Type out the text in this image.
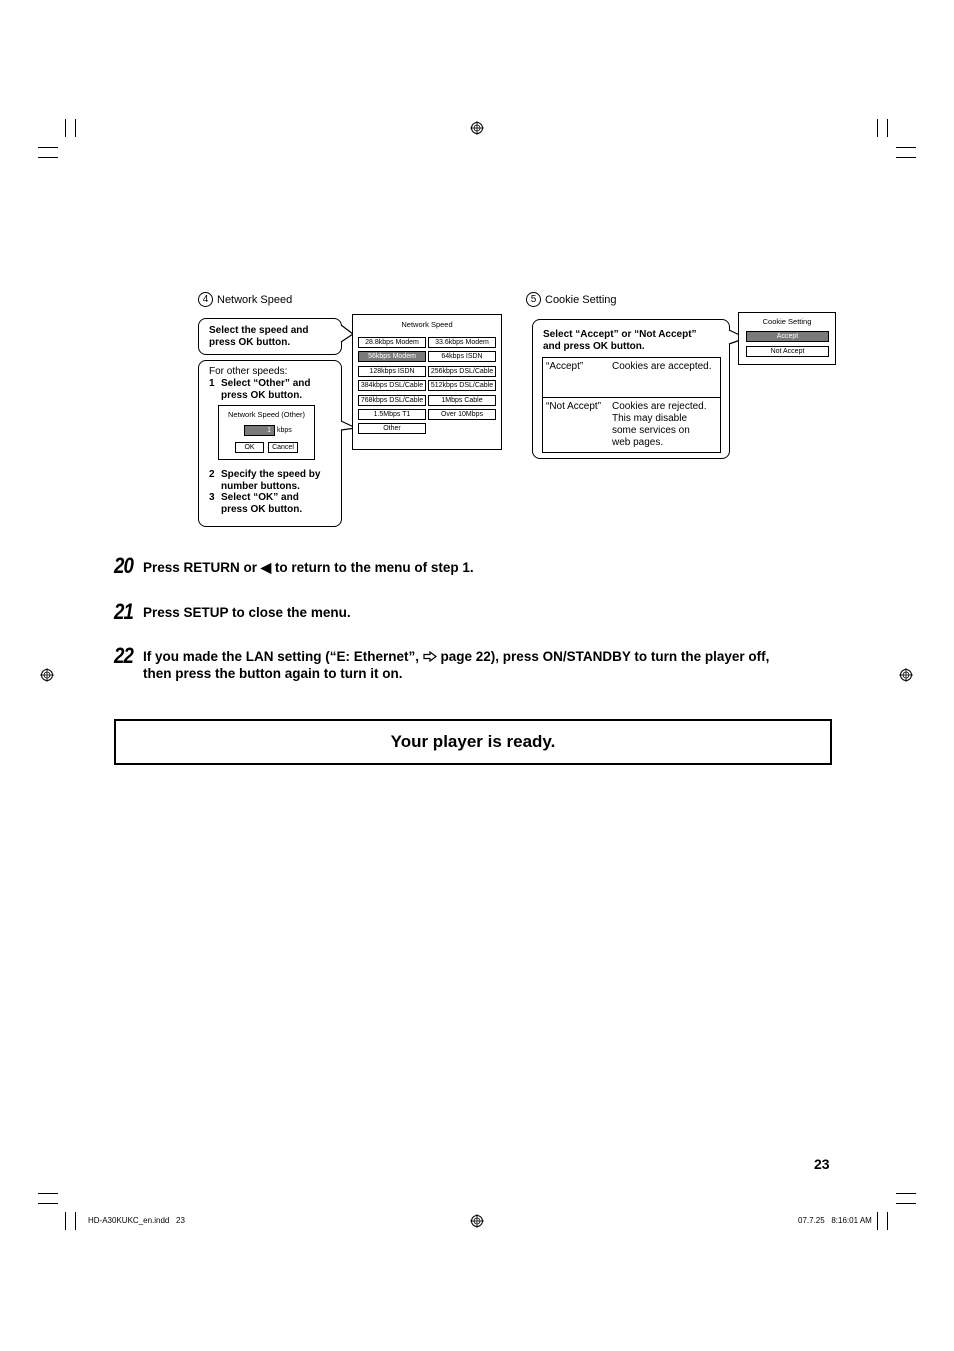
4 Network Speed
Select the speed and
press OK button.
For other speeds:
1 Select “Other” and
press OK button.
Network Speed (Other)
1 kbps
OK	Cancel
2 Specify the speed by
number buttons.
3 Select “OK” and
press OK button.
Network Speed
28.8kbps Modem	33.6kbps Modem
56kbps Modem	64kbps ISDN
128kbps ISDN	256kbps DSL/Cable
384kbps DSL/Cable	512kbps DSL/Cable
768kbps DSL/Cable	1Mbps Cable
1.5Mbps T1	Over 10Mbps
Other
5 Cookie Setting
Select “Accept” or “Not Accept”
and press OK button.
“Accept”	Cookies are accepted.

“Not Accept”	Cookies are rejected.
This may disable
some services on
web pages.
Cookie Setting
Accept
Not Accept
20 Press RETURN or ◀ to return to the menu of step 1.
21 Press SETUP to close the menu.
22 If you made the LAN setting (“E: Ethernet”,  page 22), press ON/STANDBY to turn the player off,
then press the button again to turn it on.
Your player is ready.
23
HD-A30KUKC_en.indd   23	07.7.25   8:16:01 AM
